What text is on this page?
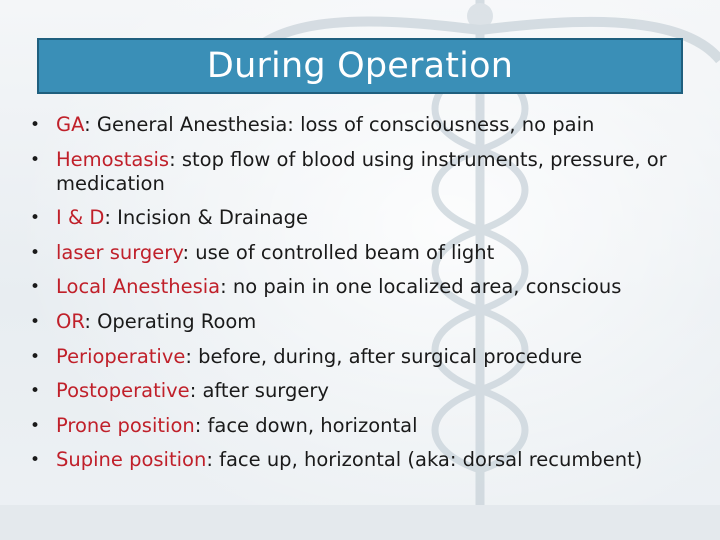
During Operation
• GA: General Anesthesia: loss of consciousness, no pain
• Hemostasis: stop flow of blood using instruments, pressure, or medication
• I & D: Incision & Drainage
• laser surgery: use of controlled beam of light
• Local Anesthesia: no pain in one localized area, conscious
• OR: Operating Room
• Perioperative: before, during, after surgical procedure
• Postoperative: after surgery
• Prone position: face down, horizontal
• Supine position: face up, horizontal (aka: dorsal recumbent)
